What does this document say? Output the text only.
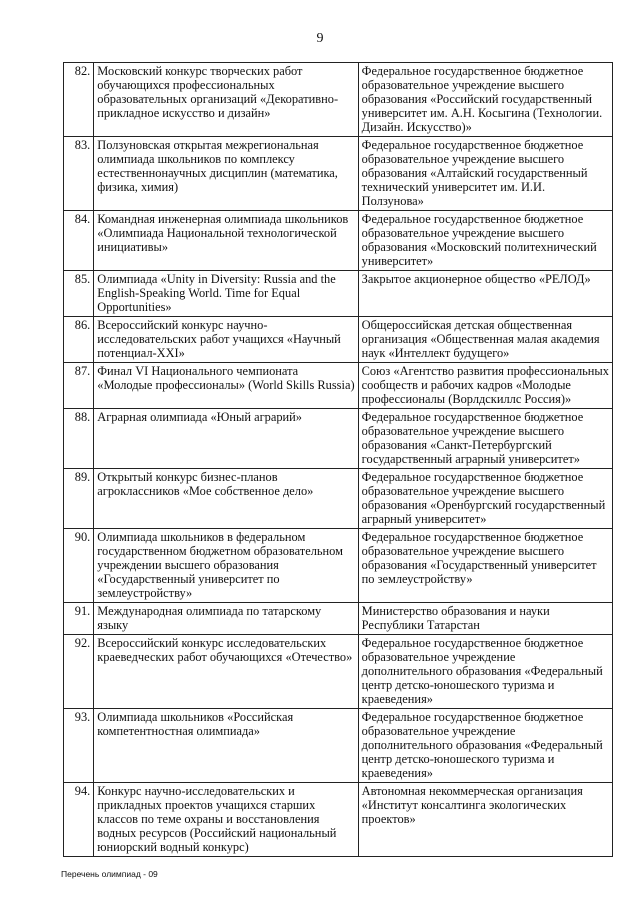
9
82.	Московский конкурс творческих работ обучающихся профессиональных образовательных организаций «Декоративно-прикладное искусство и дизайн»	Федеральное государственное бюджетное образовательное учреждение высшего образования «Российский государственный университет им. А.Н. Косыгина (Технологии. Дизайн. Искусство)»
83.	Ползуновская открытая межрегиональная олимпиада школьников по комплексу естественнонаучных дисциплин (математика, физика, химия)	Федеральное государственное бюджетное образовательное учреждение высшего образования «Алтайский государственный технический университет им. И.И. Ползунова»
84.	Командная инженерная олимпиада школьников «Олимпиада Национальной технологической инициативы»	Федеральное государственное бюджетное образовательное учреждение высшего образования «Московский политехнический университет»
85.	Олимпиада «Unity in Diversity: Russia and the English-Speaking World. Time for Equal Opportunities»	Закрытое акционерное общество «РЕЛОД»
86.	Всероссийский конкурс научно-исследовательских работ учащихся «Научный потенциал-XXI»	Общероссийская детская общественная организация «Общественная малая академия наук «Интеллект будущего»
87.	Финал VI Национального чемпионата «Молодые профессионалы» (World Skills Russia)	Союз «Агентство развития профессиональных сообществ и рабочих кадров «Молодые профессионалы (Ворлдскиллс Россия)»
88.	Аграрная олимпиада «Юный аграрий»	Федеральное государственное бюджетное образовательное учреждение высшего образования «Санкт-Петербургский государственный аграрный университет»
89.	Открытый конкурс бизнес-планов агроклассников «Мое собственное дело»	Федеральное государственное бюджетное образовательное учреждение высшего образования «Оренбургский государственный аграрный университет»
90.	Олимпиада школьников в федеральном государственном бюджетном образовательном учреждении высшего образования «Государственный университет по землеустройству»	Федеральное государственное бюджетное образовательное учреждение высшего образования «Государственный университет по землеустройству»
91.	Международная олимпиада по татарскому языку	Министерство образования и науки Республики Татарстан
92.	Всероссийский конкурс исследовательских краеведческих работ обучающихся «Отечество»	Федеральное государственное бюджетное образовательное учреждение дополнительного образования «Федеральный центр детско-юношеского туризма и краеведения»
93.	Олимпиада школьников «Российская компетентностная олимпиада»	Федеральное государственное бюджетное образовательное учреждение дополнительного образования «Федеральный центр детско-юношеского туризма и краеведения»
94.	Конкурс научно-исследовательских и прикладных проектов учащихся старших классов по теме охраны и восстановления водных ресурсов (Российский национальный юниорский водный конкурс)	Автономная некоммерческая организация «Институт консалтинга экологических проектов»
Перечень олимпиад - 09
